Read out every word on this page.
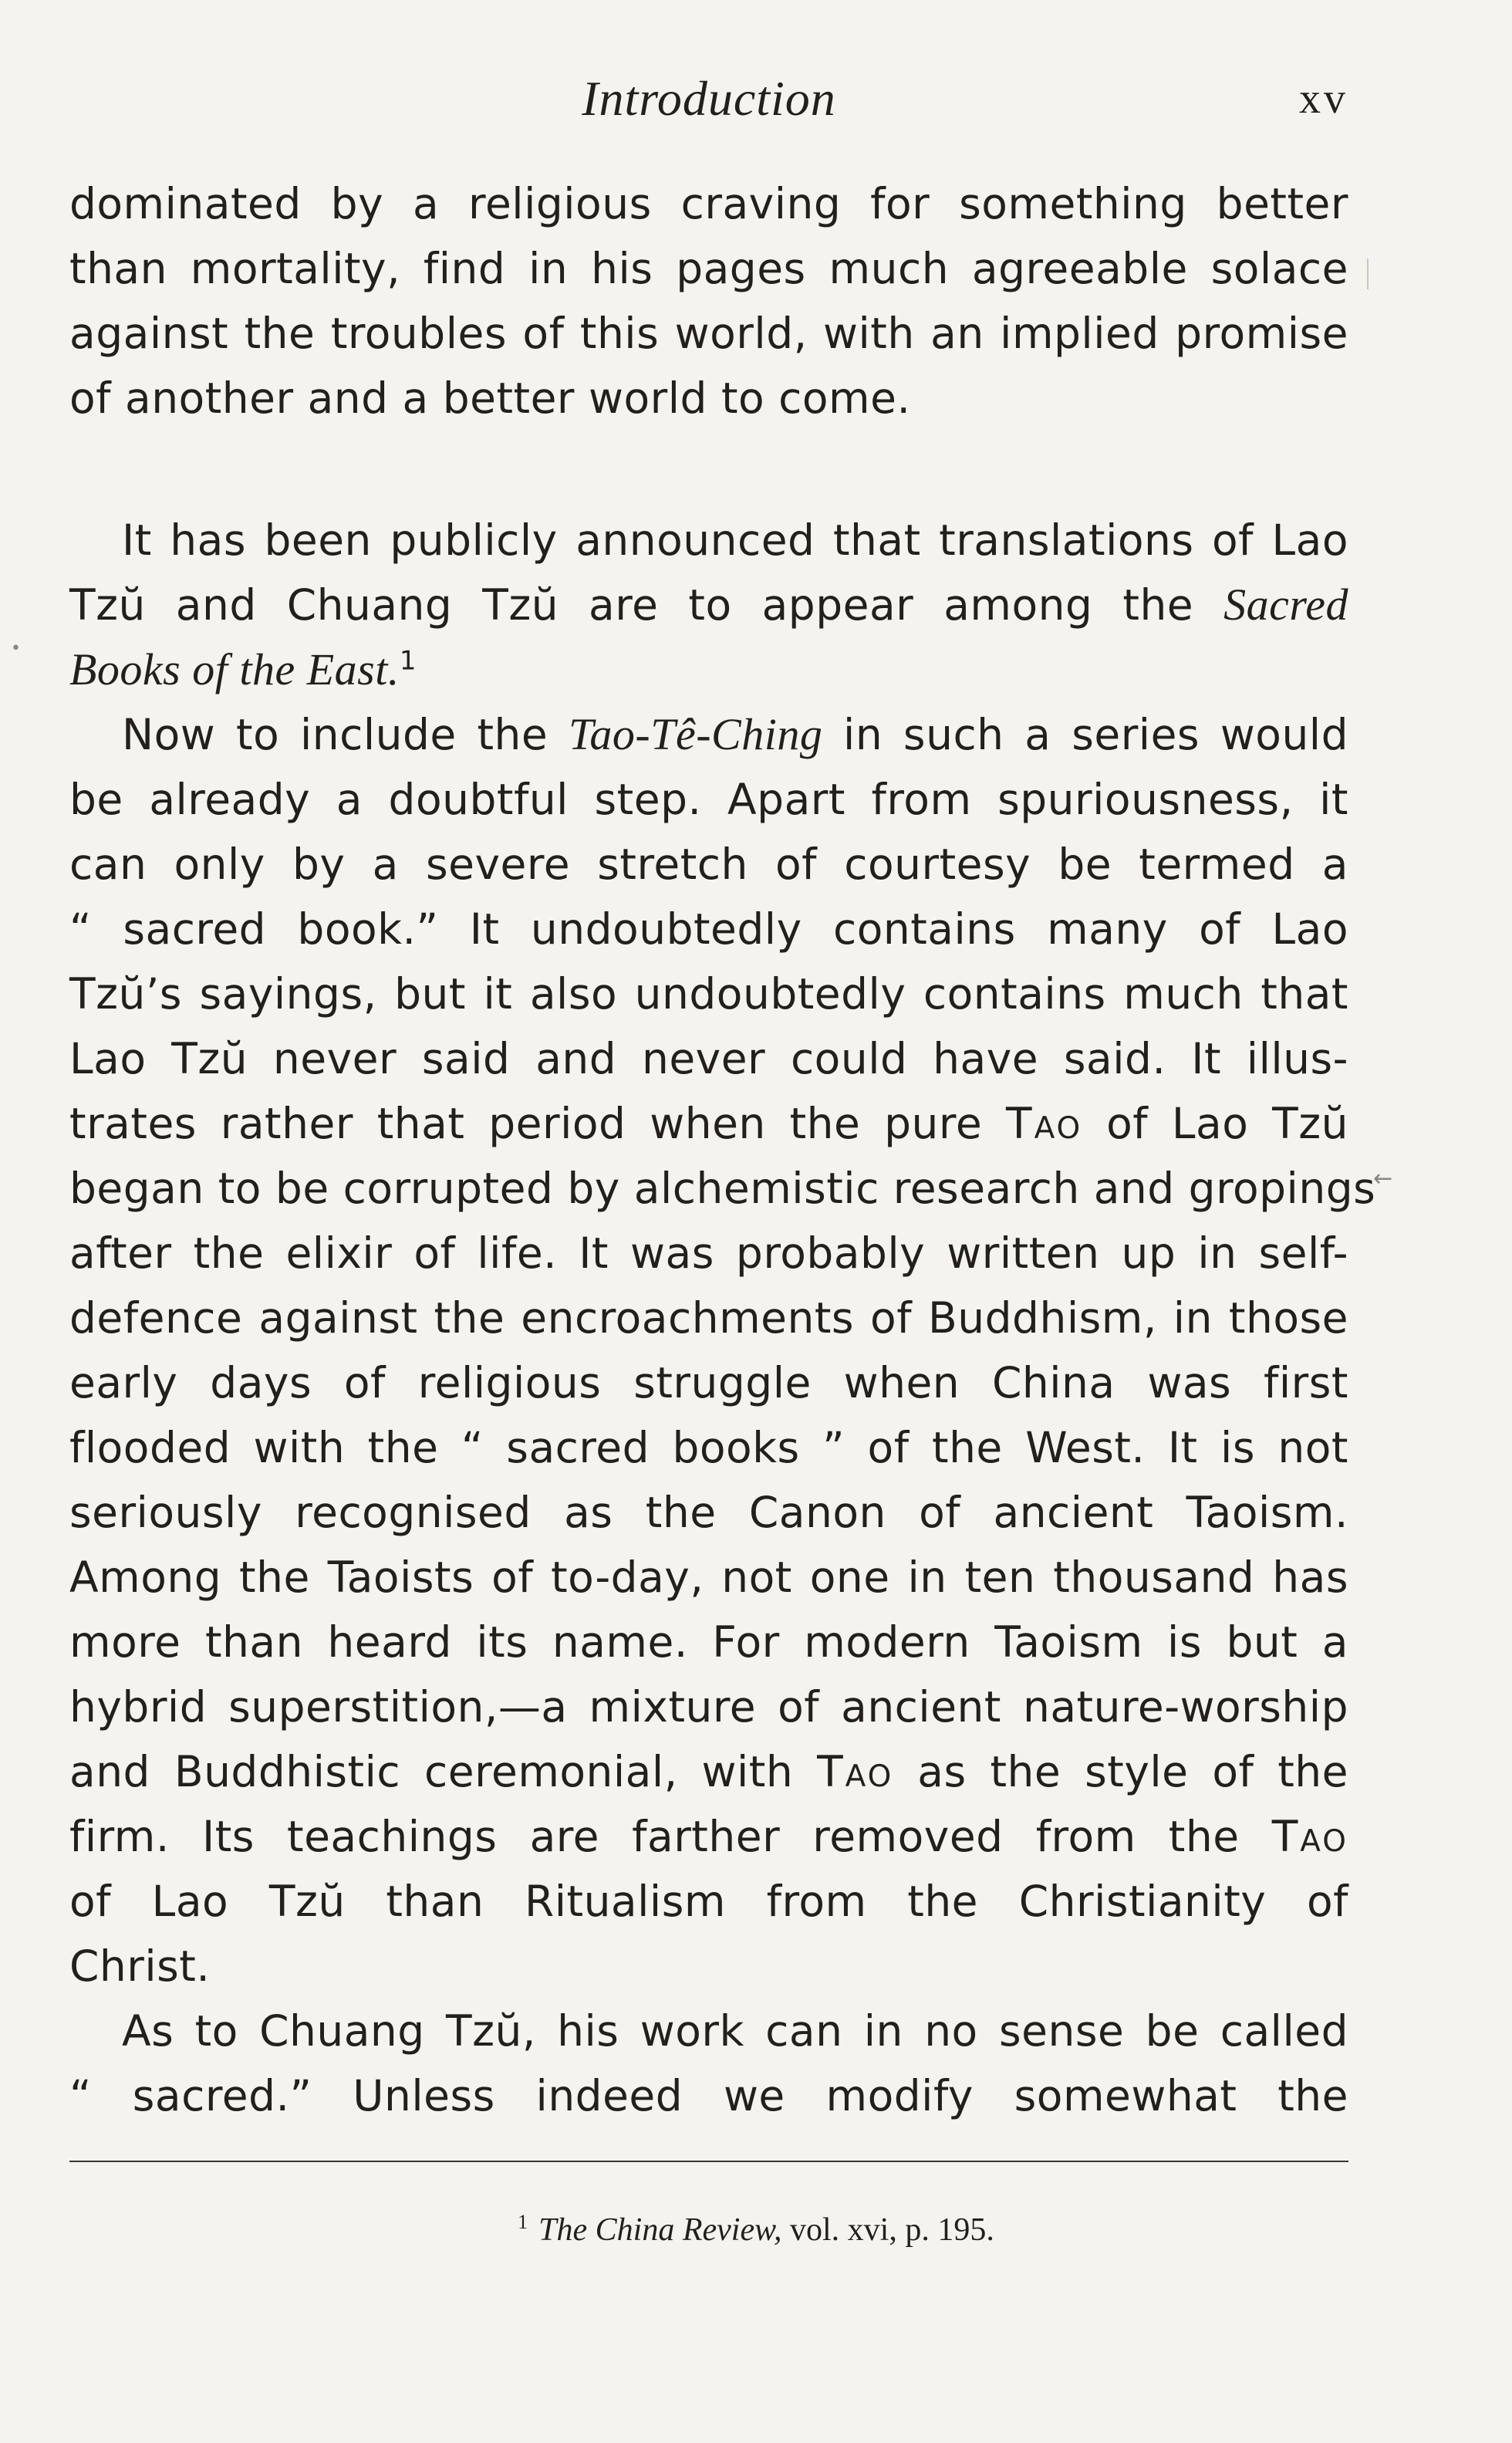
Introduction	xv

dominated by a religious craving for something better
than mortality, find in his pages much agreeable solace
against the troubles of this world, with an implied promise
of another and a better world to come.

It has been publicly announced that translations of Lao
Tzŭ and Chuang Tzŭ are to appear among the Sacred
Books of the East.$^1$

Now to include the Tao-Tê-Ching in such a series would
be already a doubtful step. Apart from spuriousness, it
can only by a severe stretch of courtesy be termed a
“ sacred book.” It undoubtedly contains many of Lao
Tzŭ’s sayings, but it also undoubtedly contains much that
Lao Tzŭ never said and never could have said. It illus-
trates rather that period when the pure Tao of Lao Tzŭ
began to be corrupted by alchemistic research and gropings
after the elixir of life. It was probably written up in self-
defence against the encroachments of Buddhism, in those
early days of religious struggle when China was first
flooded with the “ sacred books ” of the West. It is not
seriously recognised as the Canon of ancient Taoism.
Among the Taoists of to-day, not one in ten thousand has
more than heard its name. For modern Taoism is but a
hybrid superstition,—a mixture of ancient nature-worship
and Buddhistic ceremonial, with Tao as the style of the
firm. Its teachings are farther removed from the Tao
of Lao Tzŭ than Ritualism from the Christianity of
Christ.

As to Chuang Tzŭ, his work can in no sense be called
“ sacred.” Unless indeed we modify somewhat the

$^1$ The China Review, vol. xvi, p. 195.
•
←
